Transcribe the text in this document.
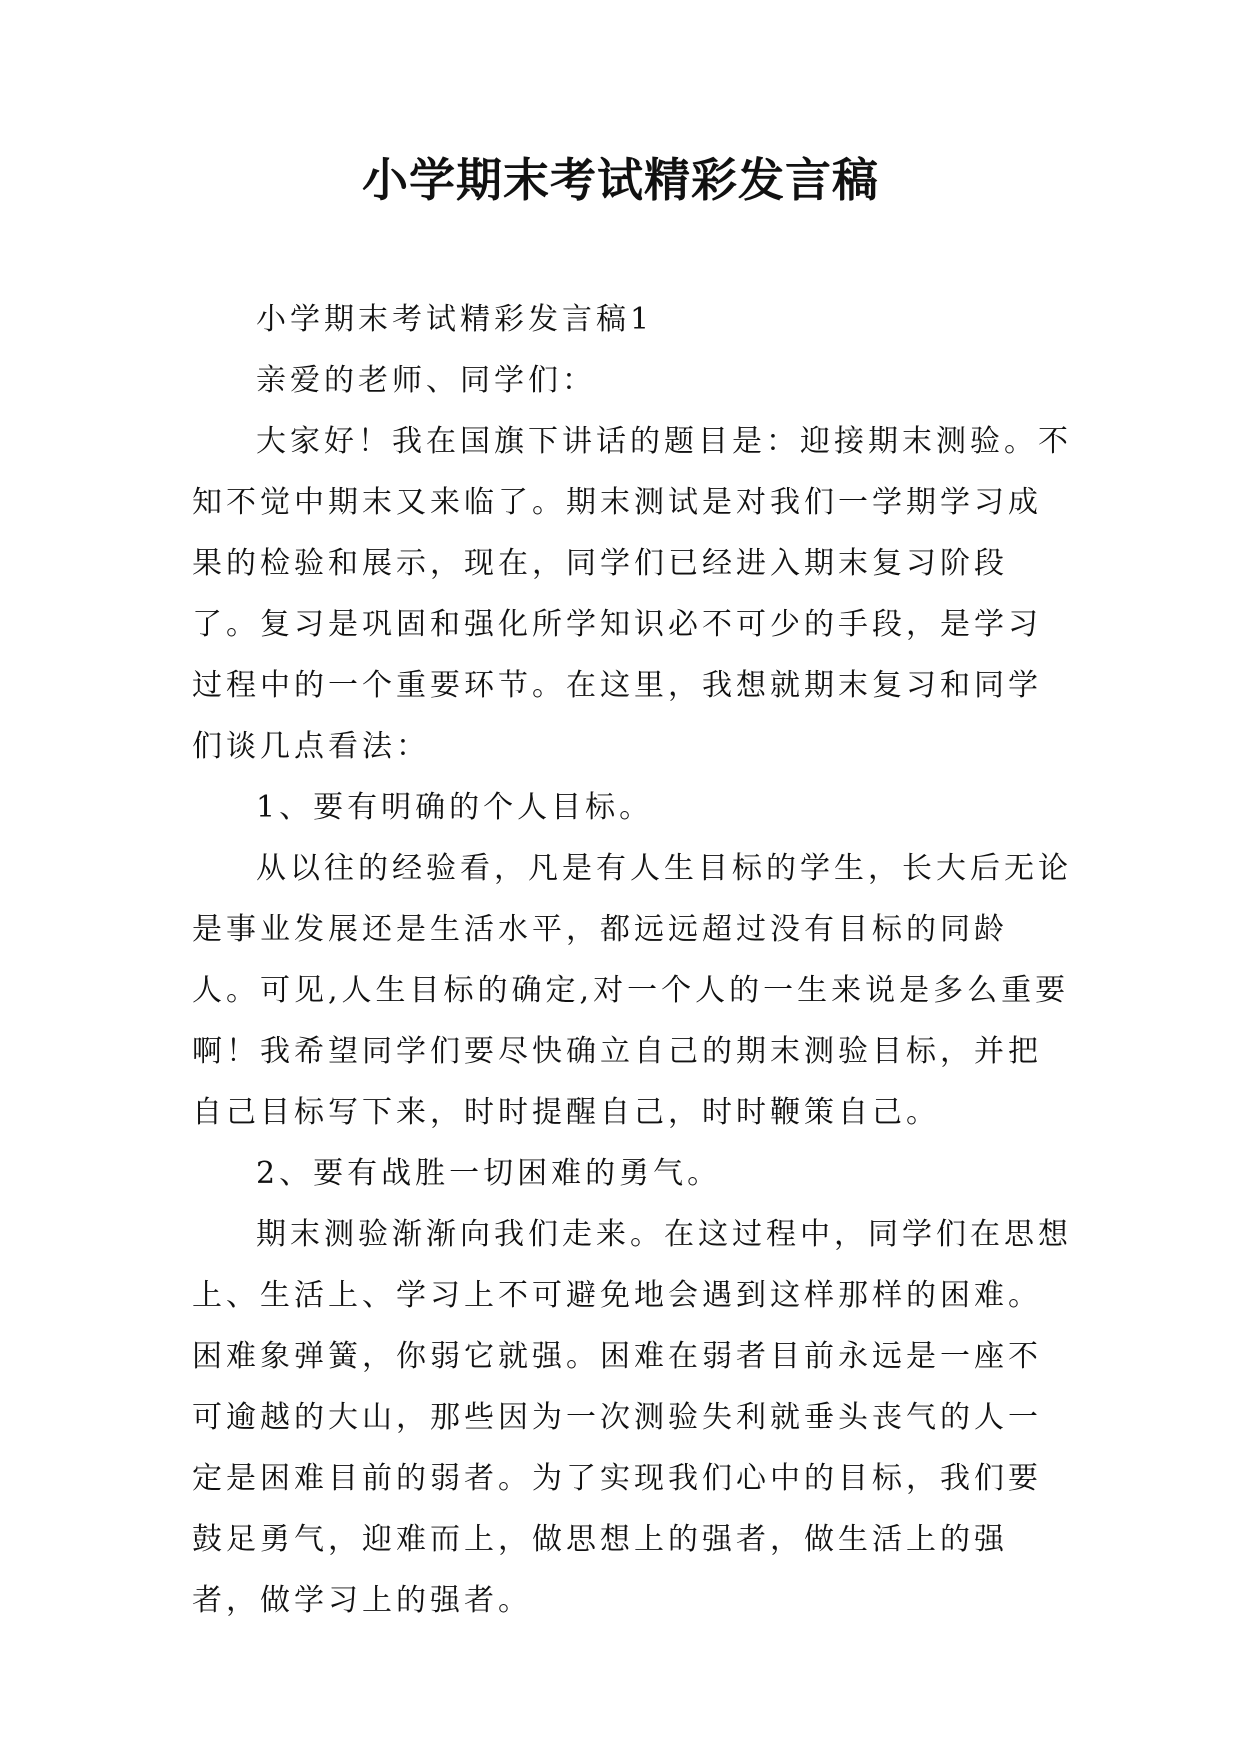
小学期末考试精彩发言稿

小学期末考试精彩发言稿1

亲爱的老师、同学们：

大家好！我在国旗下讲话的题目是：迎接期末测验。不知不觉中期末又来临了。期末测试是对我们一学期学习成果的检验和展示，现在，同学们已经进入期末复习阶段了。复习是巩固和强化所学知识必不可少的手段，是学习过程中的一个重要环节。在这里，我想就期末复习和同学们谈几点看法：

1、要有明确的个人目标。

从以往的经验看，凡是有人生目标的学生，长大后无论是事业发展还是生活水平，都远远超过没有目标的同龄人。可见,人生目标的确定,对一个人的一生来说是多么重要啊！我希望同学们要尽快确立自己的期末测验目标，并把自己目标写下来，时时提醒自己，时时鞭策自己。

2、要有战胜一切困难的勇气。

期末测验渐渐向我们走来。在这过程中，同学们在思想上、生活上、学习上不可避免地会遇到这样那样的困难。困难象弹簧，你弱它就强。困难在弱者目前永远是一座不可逾越的大山，那些因为一次测验失利就垂头丧气的人一定是困难目前的弱者。为了实现我们心中的目标，我们要鼓足勇气，迎难而上，做思想上的强者，做生活上的强者，做学习上的强者。
